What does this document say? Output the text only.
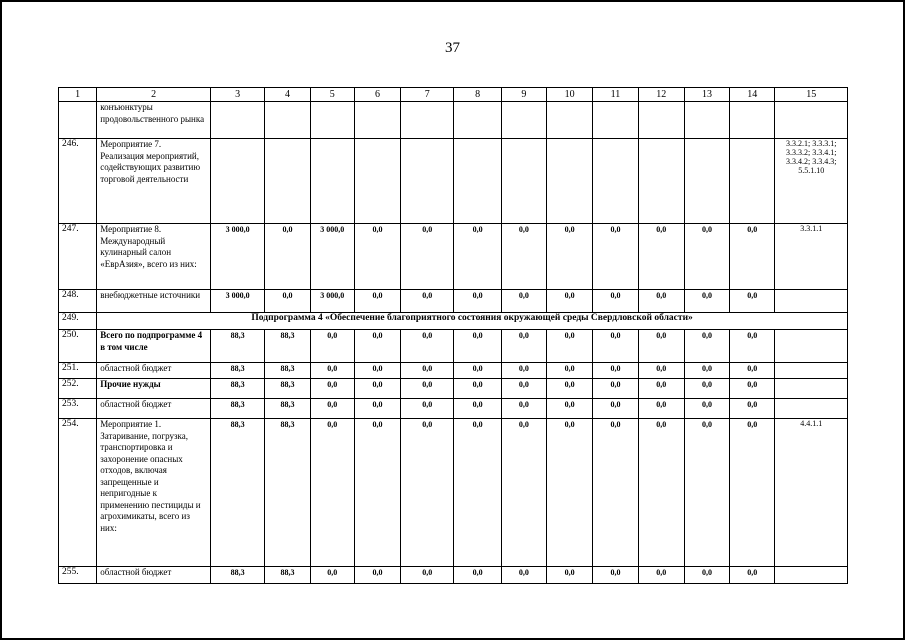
37
1	2	3	4	5	6	7	8	9	10	11	12	13	14	15
	конъюнктуры продовольственного рынка													
246.	Мероприятие 7. Реализация мероприятий, содействующих развитию торговой деятельности													3.3.2.1; 3.3.3.1; 3.3.3.2; 3.3.4.1; 3.3.4.2; 3.3.4.3; 5.5.1.10
247.	Мероприятие 8. Международный кулинарный салон «ЕврАзия», всего из них:	3 000,0	0,0	3 000,0	0,0	0,0	0,0	0,0	0,0	0,0	0,0	0,0	0,0	3.3.1.1
248.	внебюджетные источники	3 000,0	0,0	3 000,0	0,0	0,0	0,0	0,0	0,0	0,0	0,0	0,0	0,0	
249.	Подпрограмма 4 «Обеспечение благоприятного состояния окружающей среды Свердловской области»													
250.	Всего по подпрограмме 4 в том числе	88,3	88,3	0,0	0,0	0,0	0,0	0,0	0,0	0,0	0,0	0,0	0,0	
251.	областной бюджет	88,3	88,3	0,0	0,0	0,0	0,0	0,0	0,0	0,0	0,0	0,0	0,0	
252.	Прочие нужды	88,3	88,3	0,0	0,0	0,0	0,0	0,0	0,0	0,0	0,0	0,0	0,0	
253.	областной бюджет	88,3	88,3	0,0	0,0	0,0	0,0	0,0	0,0	0,0	0,0	0,0	0,0	
254.	Мероприятие 1. Затаривание, погрузка, транспортировка и захоронение опасных отходов, включая запрещенные и непригодные к применению пестициды и агрохимикаты, всего из них:	88,3	88,3	0,0	0,0	0,0	0,0	0,0	0,0	0,0	0,0	0,0	0,0	4.4.1.1
255.	областной бюджет	88,3	88,3	0,0	0,0	0,0	0,0	0,0	0,0	0,0	0,0	0,0	0,0	
